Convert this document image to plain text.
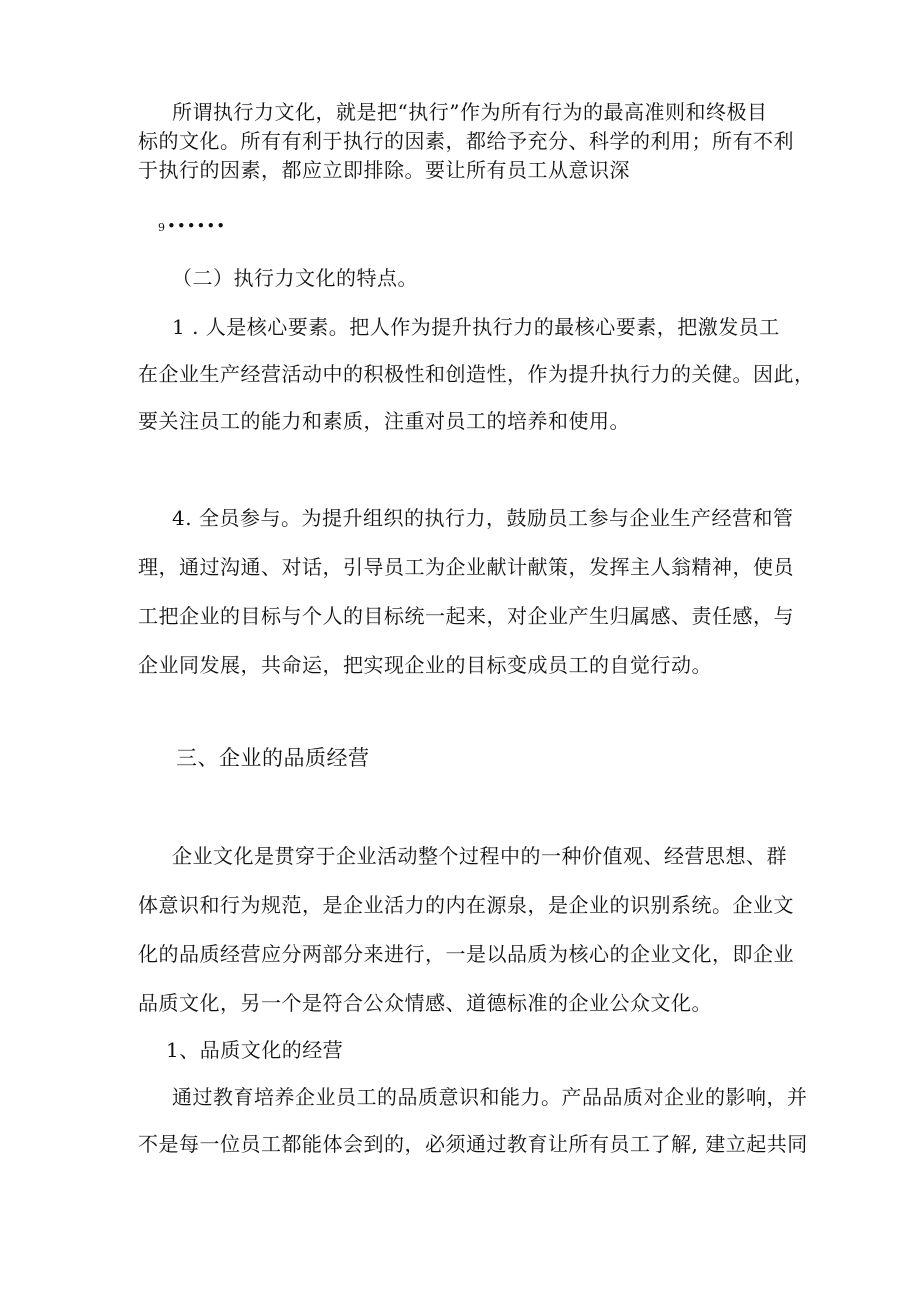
所谓执行力文化，就是把“执行”作为所有行为的最高准则和终极目
标的文化。所有有利于执行的因素，都给予充分、科学的利用；所有不利
于执行的因素，都应立即排除。要让所有员工从意识深
9 ••••••
（二）执行力文化的特点。
1 . 人是核心要素。把人作为提升执行力的最核心要素，把激发员工
在企业生产经营活动中的积极性和创造性，作为提升执行力的关健。因此，
要关注员工的能力和素质，注重对员工的培养和使用。
4. 全员参与。为提升组织的执行力，鼓励员工参与企业生产经营和管
理，通过沟通、对话，引导员工为企业献计献策，发挥主人翁精神，使员
工把企业的目标与个人的目标统一起来，对企业产生归属感、责任感，与
企业同发展，共命运，把实现企业的目标变成员工的自觉行动。
三、企业的品质经营
企业文化是贯穿于企业活动整个过程中的一种价值观、经营思想、群
体意识和行为规范，是企业活力的内在源泉，是企业的识别系统。企业文
化的品质经营应分两部分来进行，一是以品质为核心的企业文化，即企业
品质文化，另一个是符合公众情感、道德标准的企业公众文化。
1、品质文化的经营
通过教育培养企业员工的品质意识和能力。产品品质对企业的影响，并
不是每一位员工都能体会到的，必须通过教育让所有员工了解, 建立起共同
